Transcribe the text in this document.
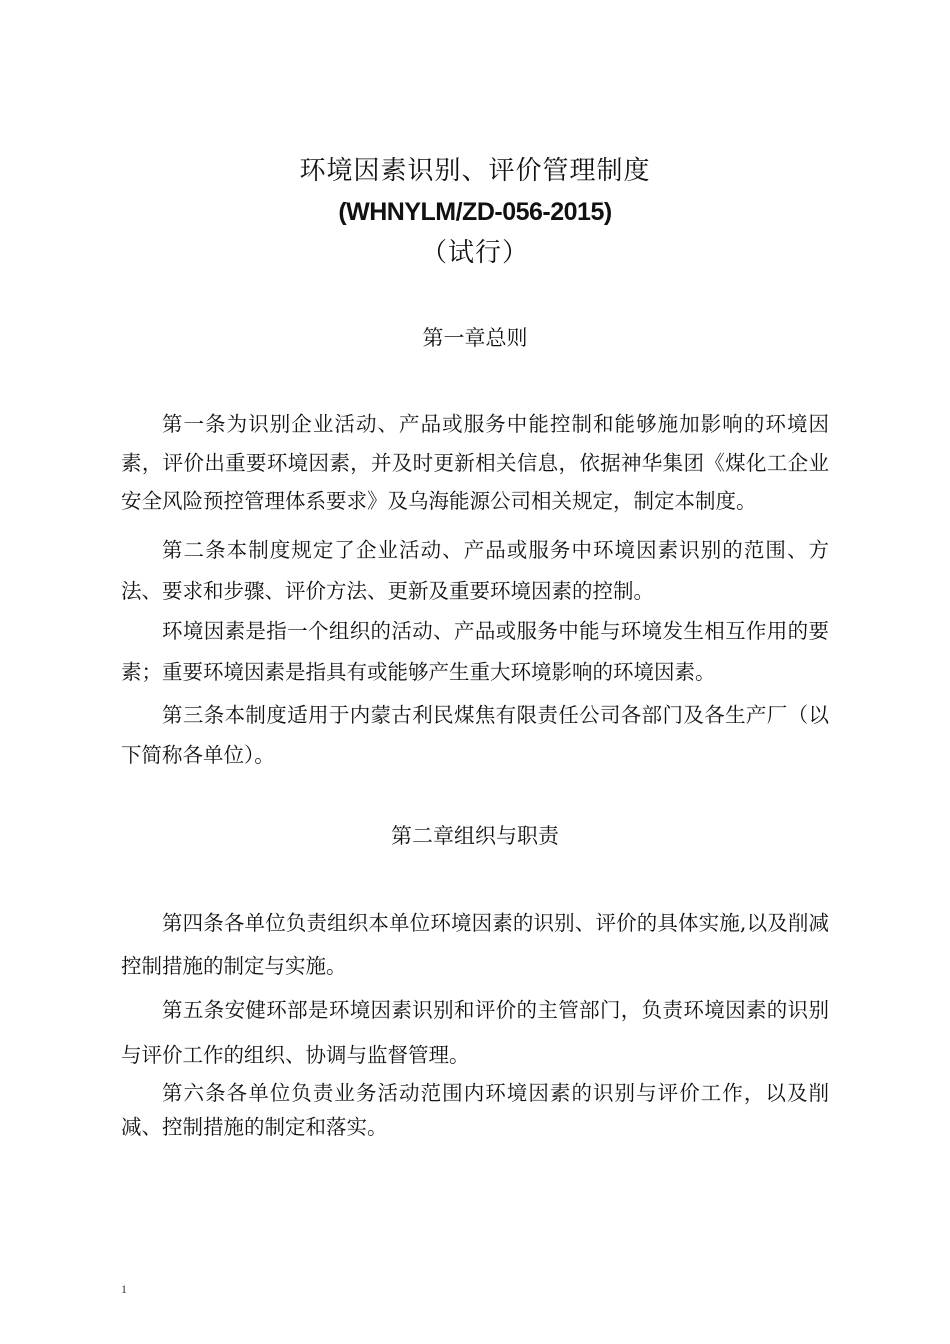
环境因素识别、评价管理制度
(WHNYLM/ZD-056-2015)
（试行）
第一章总则

第一条为识别企业活动、产品或服务中能控制和能够施加影响的环境因素，评价出重要环境因素，并及时更新相关信息，依据神华集团《煤化工企业安全风险预控管理体系要求》及乌海能源公司相关规定，制定本制度。

第二条本制度规定了企业活动、产品或服务中环境因素识别的范围、方法、要求和步骤、评价方法、更新及重要环境因素的控制。

环境因素是指一个组织的活动、产品或服务中能与环境发生相互作用的要素；重要环境因素是指具有或能够产生重大环境影响的环境因素。

第三条本制度适用于内蒙古利民煤焦有限责任公司各部门及各生产厂（以下简称各单位）。

第二章组织与职责

第四条各单位负责组织本单位环境因素的识别、评价的具体实施,以及削减控制措施的制定与实施。

第五条安健环部是环境因素识别和评价的主管部门，负责环境因素的识别与评价工作的组织、协调与监督管理。

第六条各单位负责业务活动范围内环境因素的识别与评价工作，以及削减、控制措施的制定和落实。

1
